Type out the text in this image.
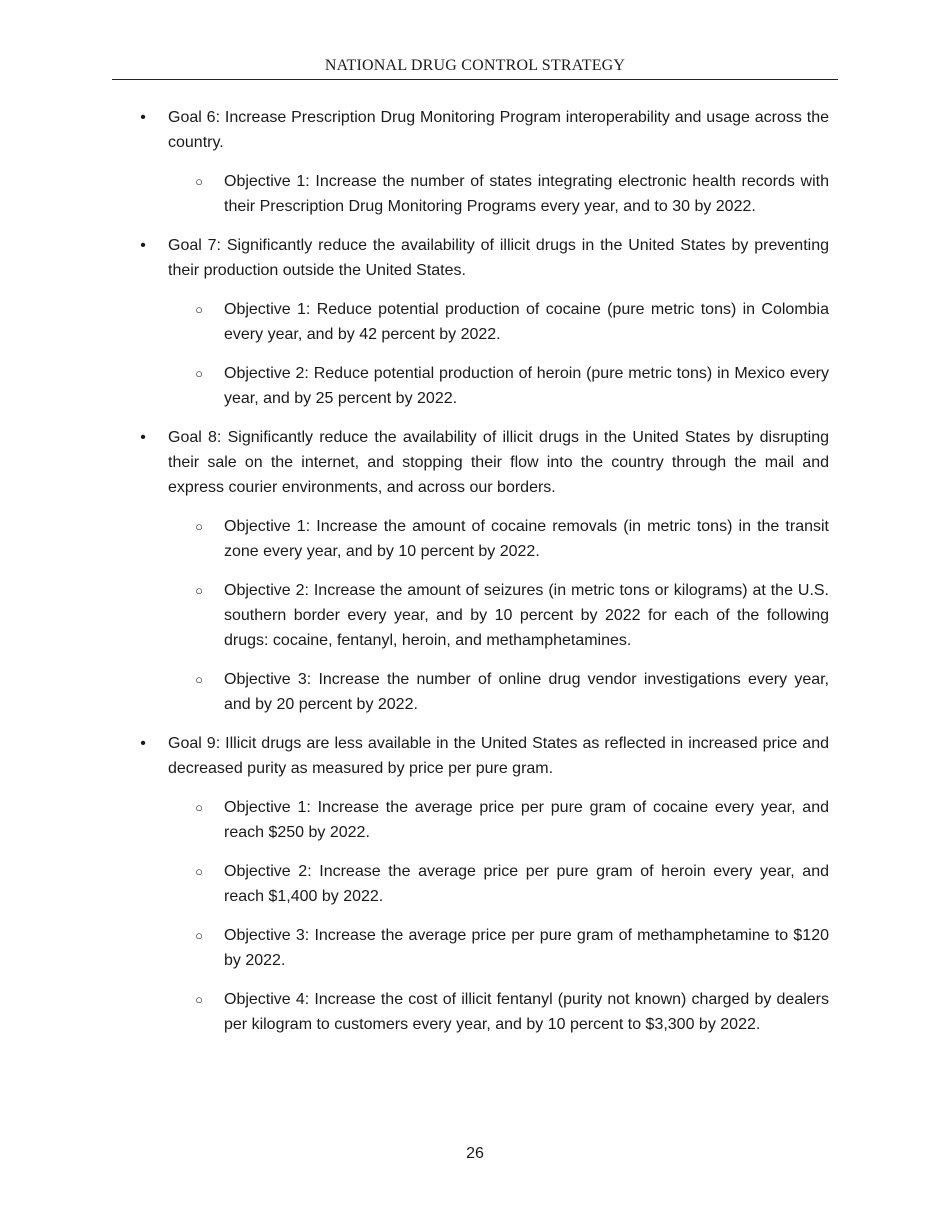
NATIONAL DRUG CONTROL STRATEGY
• Goal 6: Increase Prescription Drug Monitoring Program interoperability and usage across the country.
○ Objective 1: Increase the number of states integrating electronic health records with their Prescription Drug Monitoring Programs every year, and to 30 by 2022.
• Goal 7: Significantly reduce the availability of illicit drugs in the United States by preventing their production outside the United States.
○ Objective 1: Reduce potential production of cocaine (pure metric tons) in Colombia every year, and by 42 percent by 2022.
○ Objective 2: Reduce potential production of heroin (pure metric tons) in Mexico every year, and by 25 percent by 2022.
• Goal 8: Significantly reduce the availability of illicit drugs in the United States by disrupting their sale on the internet, and stopping their flow into the country through the mail and express courier environments, and across our borders.
○ Objective 1: Increase the amount of cocaine removals (in metric tons) in the transit zone every year, and by 10 percent by 2022.
○ Objective 2: Increase the amount of seizures (in metric tons or kilograms) at the U.S. southern border every year, and by 10 percent by 2022 for each of the following drugs: cocaine, fentanyl, heroin, and methamphetamines.
○ Objective 3: Increase the number of online drug vendor investigations every year, and by 20 percent by 2022.
• Goal 9: Illicit drugs are less available in the United States as reflected in increased price and decreased purity as measured by price per pure gram.
○ Objective 1: Increase the average price per pure gram of cocaine every year, and reach $250 by 2022.
○ Objective 2: Increase the average price per pure gram of heroin every year, and reach $1,400 by 2022.
○ Objective 3: Increase the average price per pure gram of methamphetamine to $120 by 2022.
○ Objective 4: Increase the cost of illicit fentanyl (purity not known) charged by dealers per kilogram to customers every year, and by 10 percent to $3,300 by 2022.
26
